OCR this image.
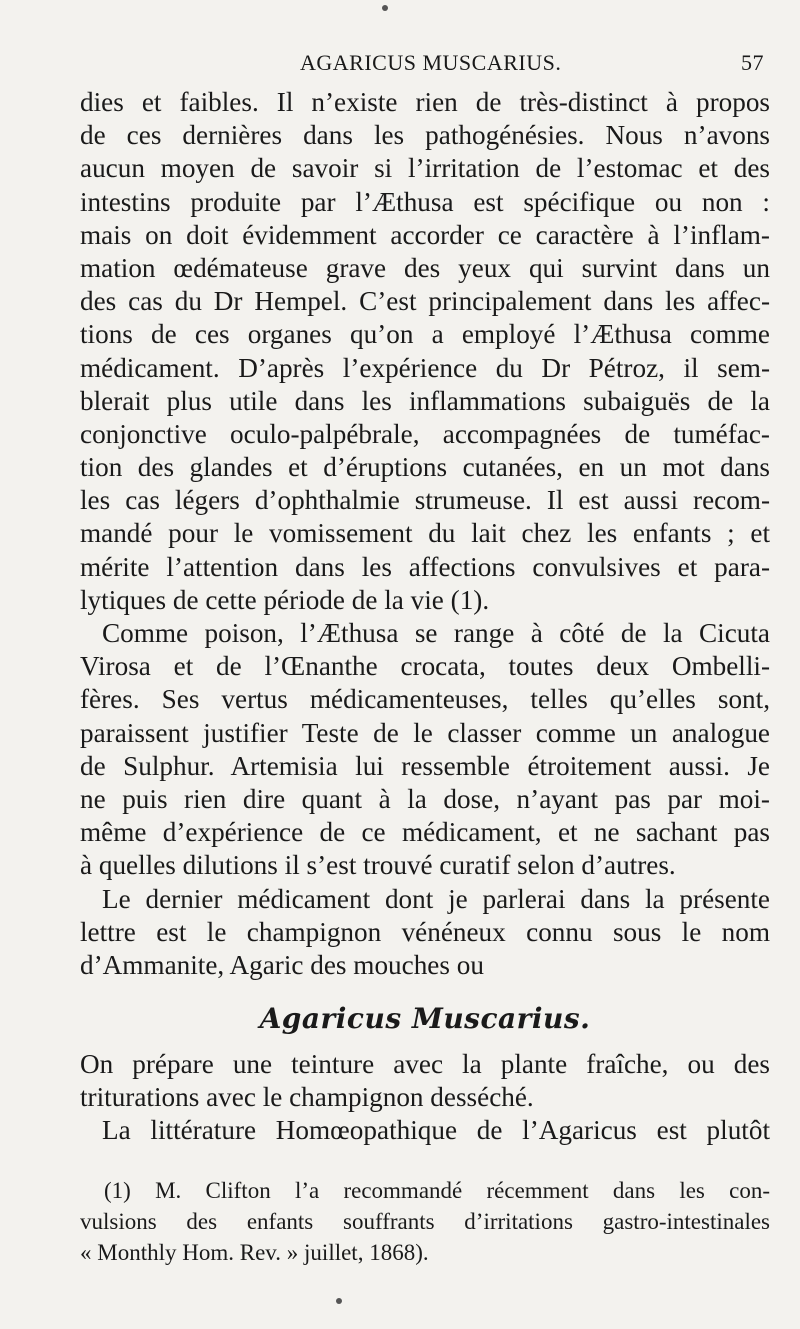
AGARICUS MUSCARIUS.	57
dies et faibles. Il n’existe rien de très-distinct à propos
de ces dernières dans les pathogénésies. Nous n’avons
aucun moyen de savoir si l’irritation de l’estomac et des
intestins produite par l’Æthusa est spécifique ou non :
mais on doit évidemment accorder ce caractère à l’inflam-
mation œdémateuse grave des yeux qui survint dans un
des cas du Dr Hempel. C’est principalement dans les affec-
tions de ces organes qu’on a employé l’Æthusa comme
médicament. D’après l’expérience du Dr Pétroz, il sem-
blerait plus utile dans les inflammations subaiguës de la
conjonctive oculo-palpébrale, accompagnées de tuméfac-
tion des glandes et d’éruptions cutanées, en un mot dans
les cas légers d’ophthalmie strumeuse. Il est aussi recom-
mandé pour le vomissement du lait chez les enfants ; et
mérite l’attention dans les affections convulsives et para-
lytiques de cette période de la vie (1).
Comme poison, l’Æthusa se range à côté de la Cicuta
Virosa et de l’Œnanthe crocata, toutes deux Ombelli-
fères. Ses vertus médicamenteuses, telles qu’elles sont,
paraissent justifier Teste de le classer comme un analogue
de Sulphur. Artemisia lui ressemble étroitement aussi. Je
ne puis rien dire quant à la dose, n’ayant pas par moi-
même d’expérience de ce médicament, et ne sachant pas
à quelles dilutions il s’est trouvé curatif selon d’autres.
Le dernier médicament dont je parlerai dans la présente
lettre est le champignon vénéneux connu sous le nom
d’Ammanite, Agaric des mouches ou
Agaricus Muscarius.
On prépare une teinture avec la plante fraîche, ou des
triturations avec le champignon desséché.
La littérature Homœopathique de l’Agaricus est plutôt
(1) M. Clifton l’a recommandé récemment dans les con-
vulsions des enfants souffrants d’irritations gastro-intestinales
« Monthly Hom. Rev. » juillet, 1868).
